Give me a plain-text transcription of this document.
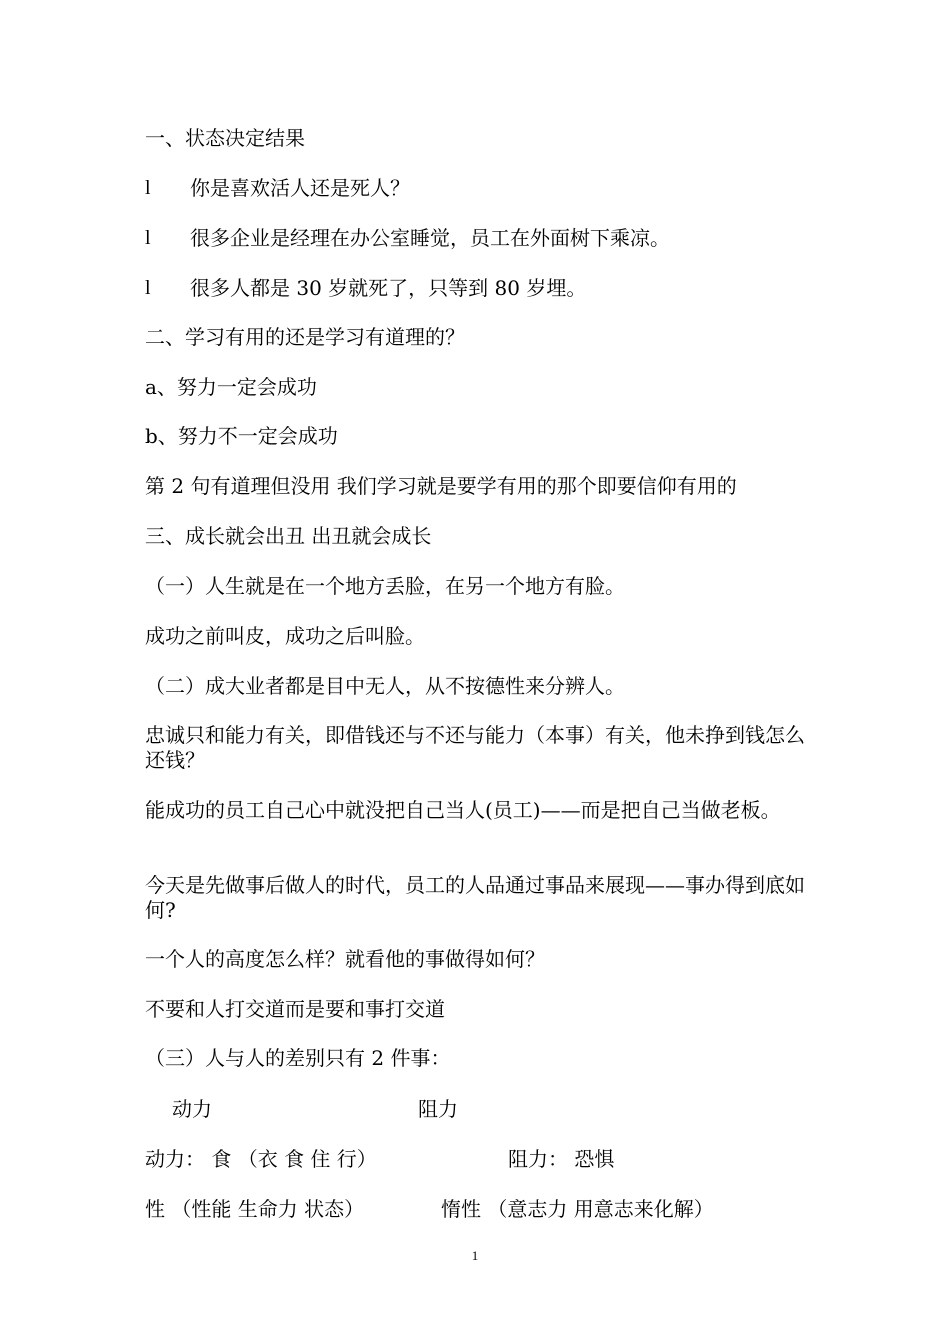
一、状态决定结果
l 你是喜欢活人还是死人？
l 很多企业是经理在办公室睡觉，员工在外面树下乘凉。
l 很多人都是 30 岁就死了，只等到 80 岁埋。
二、学习有用的还是学习有道理的？
a、努力一定会成功
b、努力不一定会成功
第 2 句有道理但没用 我们学习就是要学有用的那个即要信仰有用的
三、成长就会出丑 出丑就会成长
（一）人生就是在一个地方丢脸，在另一个地方有脸。
成功之前叫皮，成功之后叫脸。
（二）成大业者都是目中无人，从不按德性来分辨人。
忠诚只和能力有关，即借钱还与不还与能力（本事）有关，他未挣到钱怎么还钱？
能成功的员工自己心中就没把自己当人(员工)——而是把自己当做老板。
今天是先做事后做人的时代，员工的人品通过事品来展现——事办得到底如何?
一个人的高度怎么样？就看他的事做得如何？
不要和人打交道而是要和事打交道
（三）人与人的差别只有 2 件事：
动力	阻力
动力： 食 （衣 食 住 行）	阻力： 恐惧
性 （性能 生命力 状态）	惰性 （意志力 用意志来化解）
1
